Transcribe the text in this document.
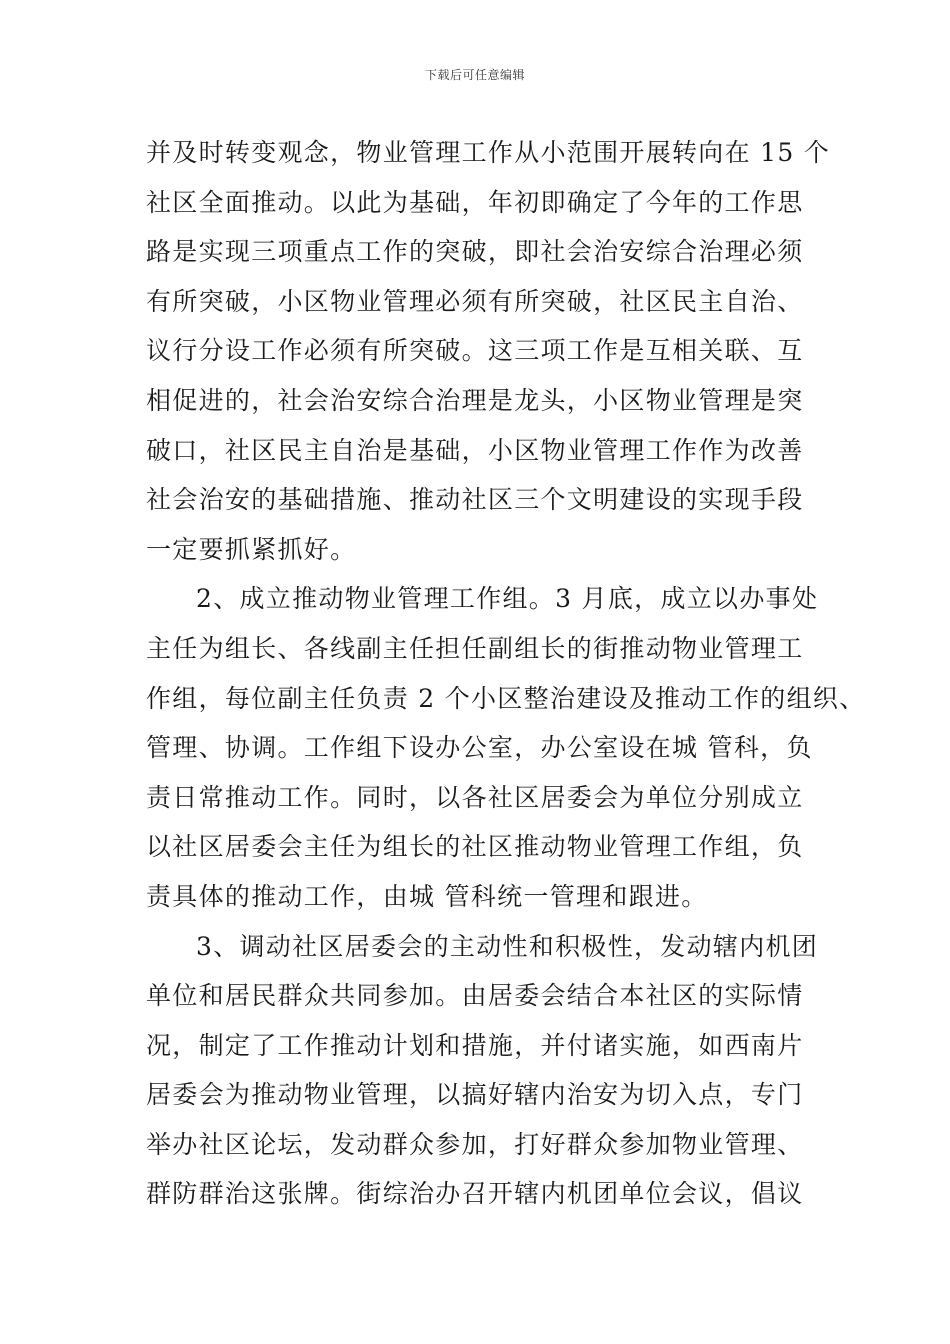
下载后可任意编辑
并及时转变观念，物业管理工作从小范围开展转向在 15 个
社区全面推动。以此为基础，年初即确定了今年的工作思
路是实现三项重点工作的突破，即社会治安综合治理必须
有所突破，小区物业管理必须有所突破，社区民主自治、
议行分设工作必须有所突破。这三项工作是互相关联、互
相促进的，社会治安综合治理是龙头，小区物业管理是突
破口，社区民主自治是基础，小区物业管理工作作为改善
社会治安的基础措施、推动社区三个文明建设的实现手段
一定要抓紧抓好。
2、成立推动物业管理工作组。3 月底，成立以办事处
主任为组长、各线副主任担任副组长的街推动物业管理工
作组，每位副主任负责 2 个小区整治建设及推动工作的组织、
管理、协调。工作组下设办公室，办公室设在城 管科，负
责日常推动工作。同时，以各社区居委会为单位分别成立
以社区居委会主任为组长的社区推动物业管理工作组，负
责具体的推动工作，由城 管科统一管理和跟进。
3、调动社区居委会的主动性和积极性，发动辖内机团
单位和居民群众共同参加。由居委会结合本社区的实际情
况，制定了工作推动计划和措施，并付诸实施，如西南片
居委会为推动物业管理，以搞好辖内治安为切入点，专门
举办社区论坛，发动群众参加，打好群众参加物业管理、
群防群治这张牌。街综治办召开辖内机团单位会议，倡议
